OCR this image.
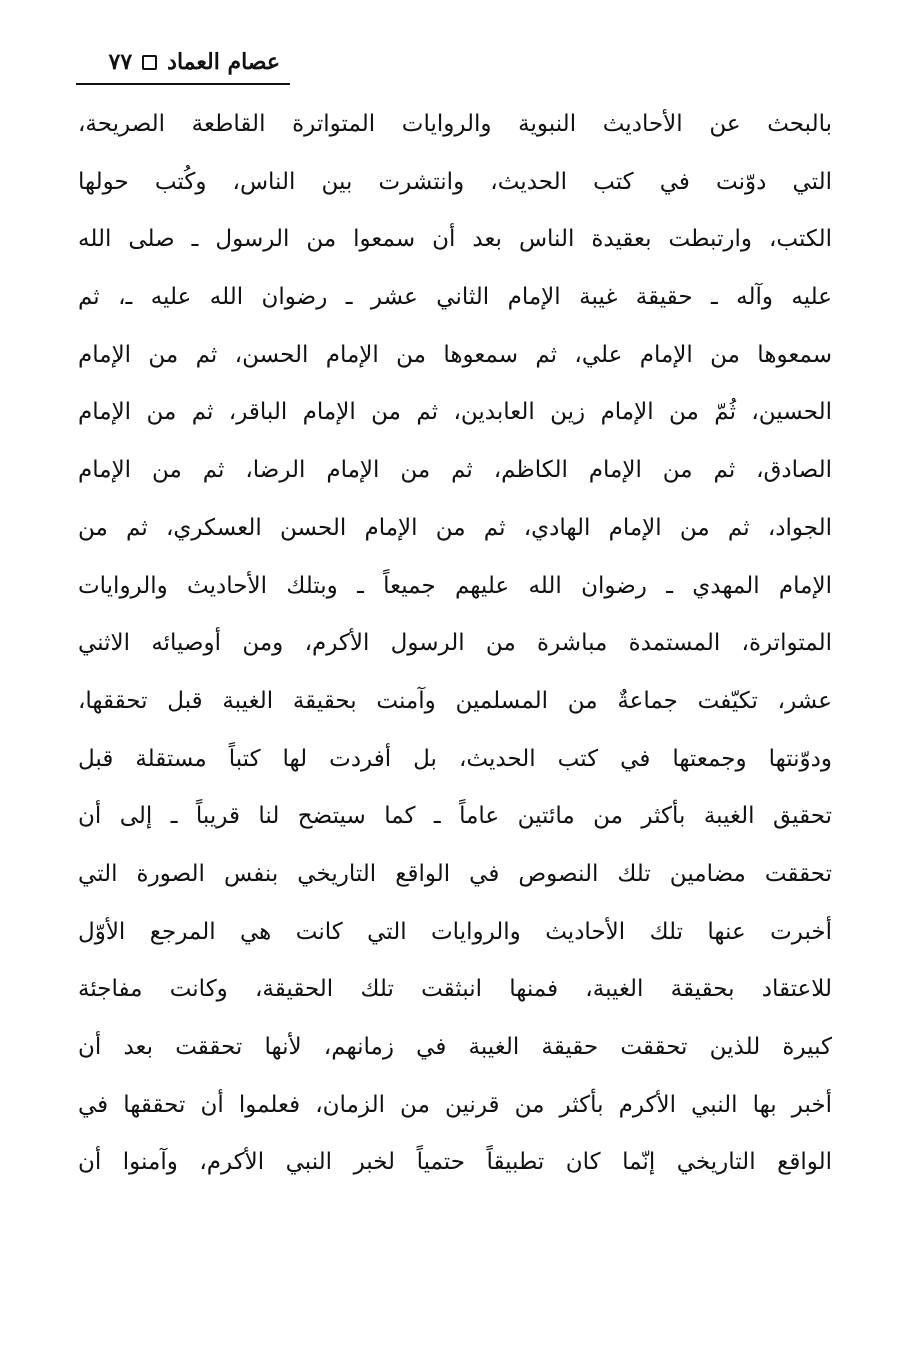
عصام العماد
٧٧
بالبحث عن الأحاديث النبوية والروايات المتواترة القاطعة الصريحة،
التي دوّنت في كتب الحديث، وانتشرت بين الناس، وكُتب حولها
الكتب، وارتبطت بعقيدة الناس بعد أن سمعوا من الرسول ـ صلى الله
عليه وآله ـ حقيقة غيبة الإمام الثاني عشر ـ رضوان الله عليه ـ، ثم
سمعوها من الإمام علي، ثم سمعوها من الإمام الحسن، ثم من الإمام
الحسين، ثُمّ من الإمام زين العابدين، ثم من الإمام الباقر، ثم من الإمام
الصادق، ثم من الإمام الكاظم، ثم من الإمام الرضا، ثم من الإمام
الجواد، ثم من الإمام الهادي، ثم من الإمام الحسن العسكري، ثم من
الإمام المهدي ـ رضوان الله عليهم جميعاً ـ وبتلك الأحاديث والروايات
المتواترة، المستمدة مباشرة من الرسول الأكرم، ومن أوصيائه الاثني
عشر، تكيّفت جماعةٌ من المسلمين وآمنت بحقيقة الغيبة قبل تحققها،
ودوّنتها وجمعتها في كتب الحديث، بل أفردت لها كتباً مستقلة قبل
تحقيق الغيبة بأكثر من مائتين عاماً ـ كما سيتضح لنا قريباً ـ إلى أن
تحققت مضامين تلك النصوص في الواقع التاريخي بنفس الصورة التي
أخبرت عنها تلك الأحاديث والروايات التي كانت هي المرجع الأوّل
للاعتقاد بحقيقة الغيبة، فمنها انبثقت تلك الحقيقة، وكانت مفاجئة
كبيرة للذين تحققت حقيقة الغيبة في زمانهم، لأنها تحققت بعد أن
أخبر بها النبي الأكرم بأكثر من قرنين من الزمان، فعلموا أن تحققها في
الواقع التاريخي إنّما كان تطبيقاً حتمياً لخبر النبي الأكرم، وآمنوا أن
